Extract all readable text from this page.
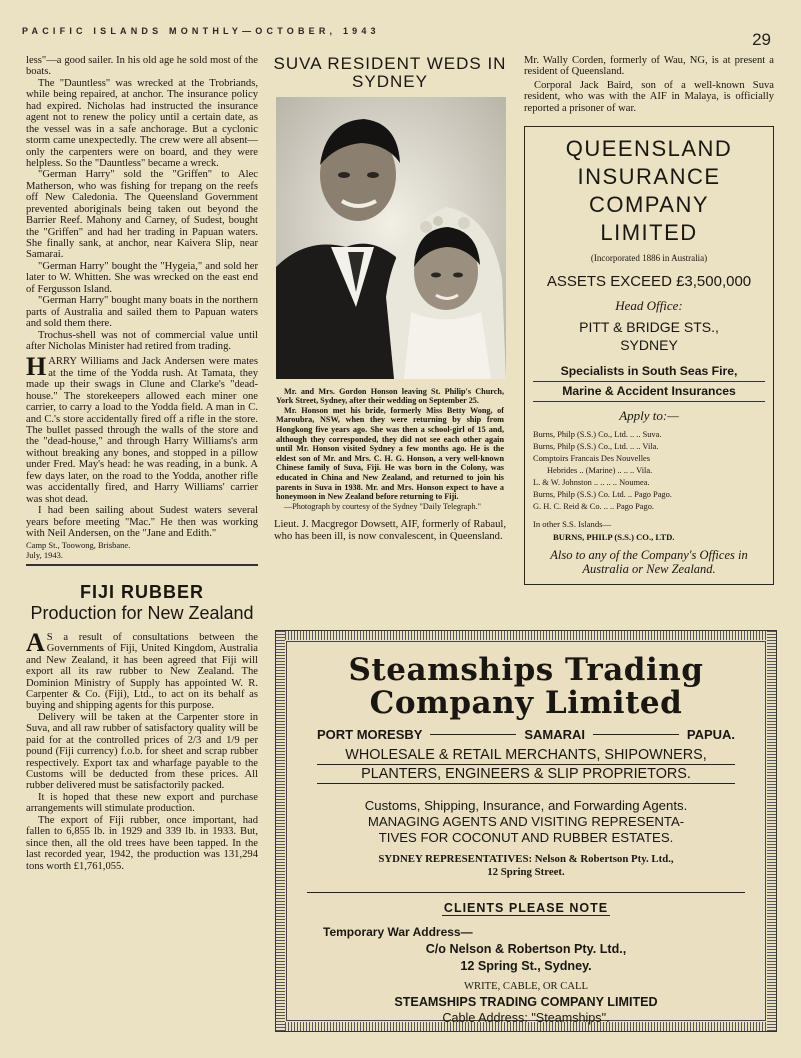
PACIFIC ISLANDS MONTHLY—OCTOBER, 1943	29

less"—a good sailer. In his old age he sold most of the boats.

The "Dauntless" was wrecked at the Trobriands, while being repaired, at anchor. The insurance policy had expired. Nicholas had instructed the insurance agent not to renew the policy until a certain date, as the vessel was in a safe anchorage. But a cyclonic storm came unexpectedly. The crew were all absent—only the carpenters were on board, and they were helpless. So the "Dauntless" became a wreck.

"German Harry" sold the "Griffen" to Alec Matherson, who was fishing for trepang on the reefs off New Caledonia. The Queensland Government prevented aboriginals being taken out beyond the Barrier Reef. Mahony and Carney, of Sudest, bought the "Griffen" and had her trading in Papuan waters. She finally sank, at anchor, near Kaivera Slip, near Samarai.

"German Harry" bought the "Hygeia," and sold her later to W. Whitten. She was wrecked on the east end of Fergusson Island.

"German Harry" bought many boats in the northern parts of Australia and sailed them to Papuan waters and sold them there.

Trochus-shell was not of commercial value until after Nicholas Minister had retired from trading.

HARRY Williams and Jack Andersen were mates at the time of the Yodda rush. At Tamata, they made up their swags in Clune and Clarke's "dead-house." The storekeepers allowed each miner one carrier, to carry a load to the Yodda field. A man in C. and C.'s store accidentally fired off a rifle in the store. The bullet passed through the walls of the store and the "dead-house," and through Harry Williams's arm without breaking any bones, and stopped in a pillow under Fred. May's head: he was reading, in a bunk. A few days later, on the road to the Yodda, another rifle was accidentally fired, and Harry Williams' carrier was shot dead.

I had been sailing about Sudest waters several years before meeting "Mac." He then was working with Neil Andersen, on the "Jane and Edith."

Camp St., Toowong, Brisbane.
July, 1943.
FIJI RUBBER
Production for New Zealand

AS a result of consultations between the Governments of Fiji, United Kingdom, Australia and New Zealand, it has been agreed that Fiji will export all its raw rubber to New Zealand. The Dominion Ministry of Supply has appointed W. R. Carpenter & Co. (Fiji), Ltd., to act on its behalf as buying and shipping agents for this purpose.

Delivery will be taken at the Carpenter store in Suva, and all raw rubber of satisfactory quality will be paid for at the controlled prices of 2/3 and 1/9 per pound (Fiji currency) f.o.b. for sheet and scrap rubber respectively. Export tax and wharfage payable to the Customs will be deducted from these prices. All rubber delivered must be satisfactorily packed.

It is hoped that these new export and purchase arrangements will stimulate production.

The export of Fiji rubber, once important, had fallen to 6,855 lb. in 1929 and 339 lb. in 1933. But, since then, all the old trees have been tapped. In the last recorded year, 1942, the production was 131,294 tons worth £1,761,055.

SUVA RESIDENT WEDS IN SYDNEY

Mr. and Mrs. Gordon Honson leaving St. Philip's Church, York Street, Sydney, after their wedding on September 25.

Mr. Honson met his bride, formerly Miss Betty Wong, of Maroubra, NSW, when they were returning by ship from Hongkong five years ago. She was then a school-girl of 15 and, although they corresponded, they did not see each other again until Mr. Honson visited Sydney a few months ago. He is the eldest son of Mr. and Mrs. C. H. G. Honson, a very well-known Chinese family of Suva, Fiji. He was born in the Colony, was educated in China and New Zealand, and returned to join his parents in Suva in 1938. Mr. and Mrs. Honson expect to have a honeymoon in New Zealand before returning to Fiji.

—Photograph by courtesy of the Sydney "Daily Telegraph."

Lieut. J. Macgregor Dowsett, AIF, formerly of Rabaul, who has been ill, is now convalescent, in Queensland.

Mr. Wally Corden, formerly of Wau, NG, is at present a resident of Queensland.

Corporal Jack Baird, son of a well-known Suva resident, who was with the AIF in Malaya, is officially reported a prisoner of war.

QUEENSLAND
INSURANCE
COMPANY
LIMITED
(Incorporated 1886 in Australia)
ASSETS EXCEED £3,500,000
Head Office:
PITT & BRIDGE STS.,
SYDNEY
Specialists in South Seas Fire,
Marine & Accident Insurances
Apply to:—
Burns, Philp (S.S.) Co., Ltd. .. .. Suva.
Burns, Philp (S.S.) Co., Ltd. .. .. Vila.
Comptoirs Francais Des Nouvelles
Hebrides .. (Marine) .. .. .. Vila.
L. & W. Johnston .. .. .. .. Noumea.
Burns, Philp (S.S.) Co. Ltd. .. Pago Pago.
G. H. C. Reid & Co. .. .. Pago Pago.
In other S.S. Islands—
BURNS, PHILP (S.S.) CO., LTD.
Also to any of the Company's Offices in Australia or New Zealand.
Steamships Trading
Company Limited
PORT MORESBY	SAMARAI	PAPUA.
WHOLESALE & RETAIL MERCHANTS, SHIPOWNERS,
PLANTERS, ENGINEERS & SLIP PROPRIETORS.
Customs, Shipping, Insurance, and Forwarding Agents.
MANAGING AGENTS AND VISITING REPRESENTA-
TIVES FOR COCONUT AND RUBBER ESTATES.
SYDNEY REPRESENTATIVES: Nelson & Robertson Pty. Ltd.,
12 Spring Street.
CLIENTS PLEASE NOTE
Temporary War Address—
C/o Nelson & Robertson Pty. Ltd.,
12 Spring St., Sydney.
WRITE, CABLE, OR CALL
STEAMSHIPS TRADING COMPANY LIMITED
Cable Address: "Steamships".
